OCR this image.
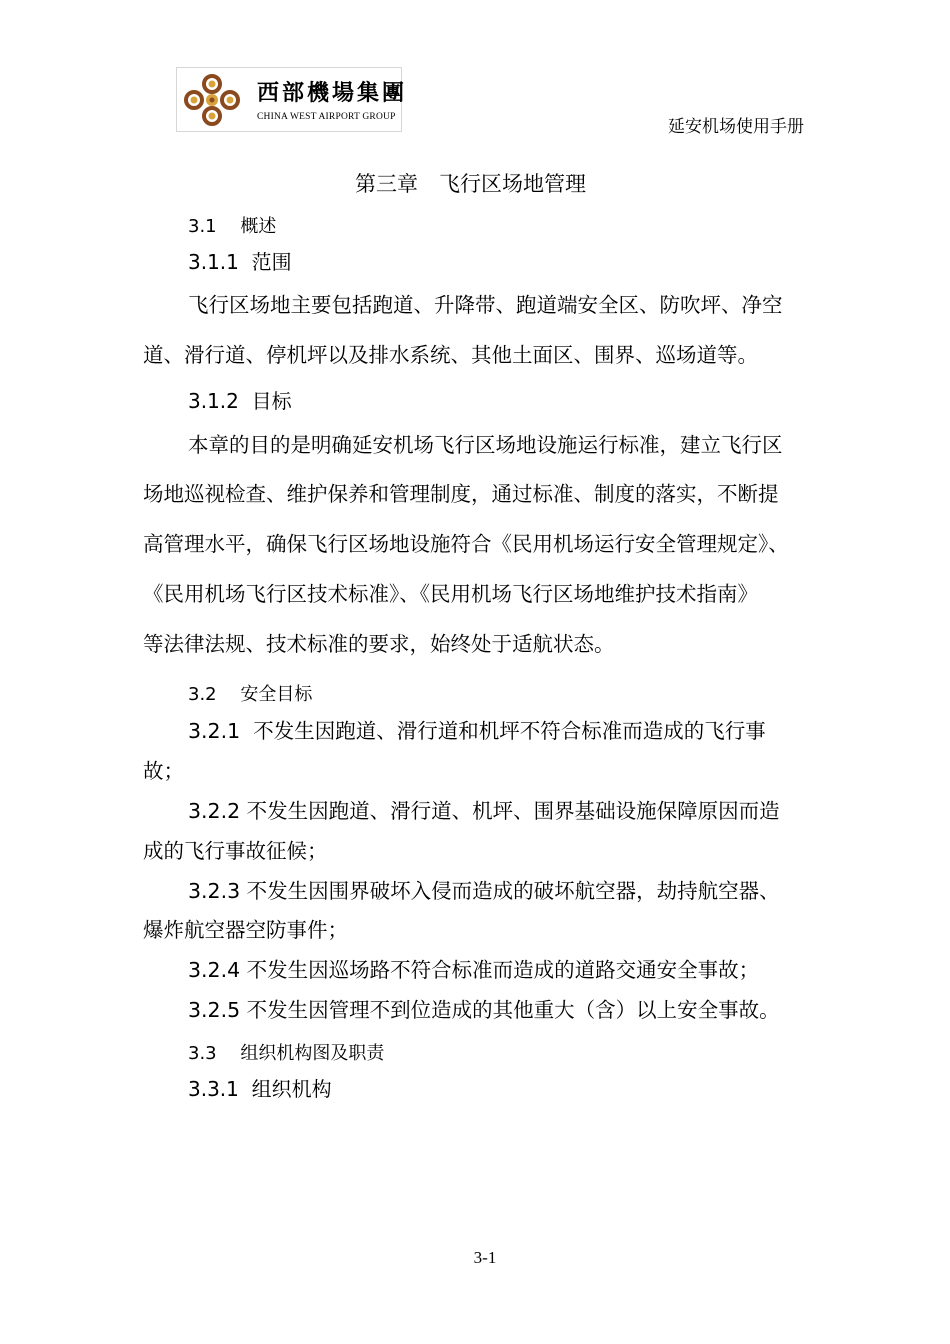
西部機場集團
CHINA WEST AIRPORT GROUP	延安机场使用手册
第三章　飞行区场地管理
3.1　 概述
3.1.1  范围
飞行区场地主要包括跑道、升降带、跑道端安全区、防吹坪、净空
道、滑行道、停机坪以及排水系统、其他土面区、围界、巡场道等。
3.1.2  目标
本章的目的是明确延安机场飞行区场地设施运行标准，建立飞行区
场地巡视检查、维护保养和管理制度，通过标准、制度的落实，不断提
高管理水平，确保飞行区场地设施符合《民用机场运行安全管理规定》、
《民用机场飞行区技术标准》、《民用机场飞行区场地维护技术指南》
等法律法规、技术标准的要求，始终处于适航状态。
3.2　 安全目标
3.2.1  不发生因跑道、滑行道和机坪不符合标准而造成的飞行事
故；
3.2.2 不发生因跑道、滑行道、机坪、围界基础设施保障原因而造
成的飞行事故征候；
3.2.3 不发生因围界破坏入侵而造成的破坏航空器，劫持航空器、
爆炸航空器空防事件；
3.2.4 不发生因巡场路不符合标准而造成的道路交通安全事故；
3.2.5 不发生因管理不到位造成的其他重大（含）以上安全事故。
3.3　 组织机构图及职责
3.3.1  组织机构
3-1
